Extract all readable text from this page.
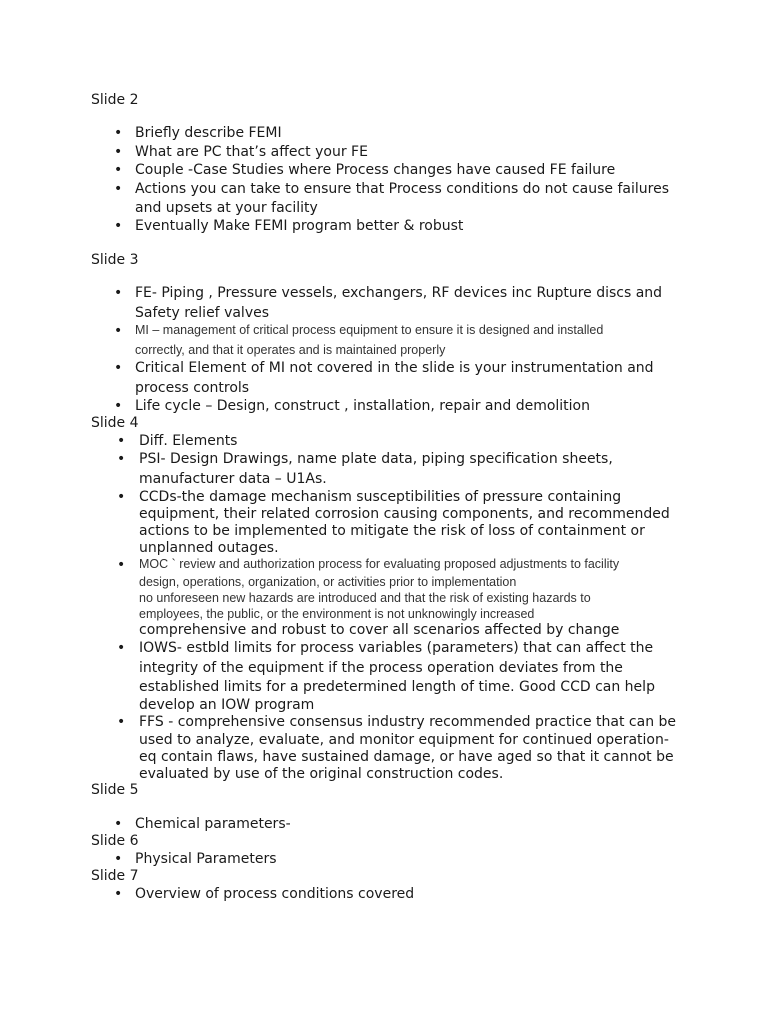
Slide 2
•
Briefly describe FEMI
•
What are PC that’s affect your FE
•
Couple -Case Studies where Process changes have caused FE failure
•
Actions you can take to ensure that Process conditions do not cause failures
and upsets at your facility
•
Eventually Make FEMI program better & robust
Slide 3
•
FE- Piping , Pressure vessels, exchangers, RF devices inc Rupture discs and
Safety relief valves
•
MI – management of critical process equipment to ensure it is designed and installed
correctly, and that it operates and is maintained properly
•
Critical Element of MI not covered in the slide is your instrumentation and
process controls
•
Life cycle – Design, construct , installation, repair and demolition
Slide 4
•
Diff. Elements
•
PSI- Design Drawings, name plate data, piping specification sheets,
manufacturer data – U1As.
•
CCDs-the damage mechanism susceptibilities of pressure containing
equipment, their related corrosion causing components, and recommended
actions to be implemented to mitigate the risk of loss of containment or
unplanned outages.
•
MOC ` review and authorization process for evaluating proposed adjustments to facility
design, operations, organization, or activities prior to implementation
no unforeseen new hazards are introduced and that the risk of existing hazards to
employees, the public, or the environment is not unknowingly increased
comprehensive and robust to cover all scenarios affected by change
•
IOWS- estbld limits for process variables (parameters) that can affect the
integrity of the equipment if the process operation deviates from the
established limits for a predetermined length of time. Good CCD can help
develop an IOW program
•
FFS - comprehensive consensus industry recommended practice that can be
used to analyze, evaluate, and monitor equipment for continued operation-
eq contain flaws, have sustained damage, or have aged so that it cannot be
evaluated by use of the original construction codes.
Slide 5
•
Chemical parameters-
Slide 6
•
Physical Parameters
Slide 7
•
Overview of process conditions covered
